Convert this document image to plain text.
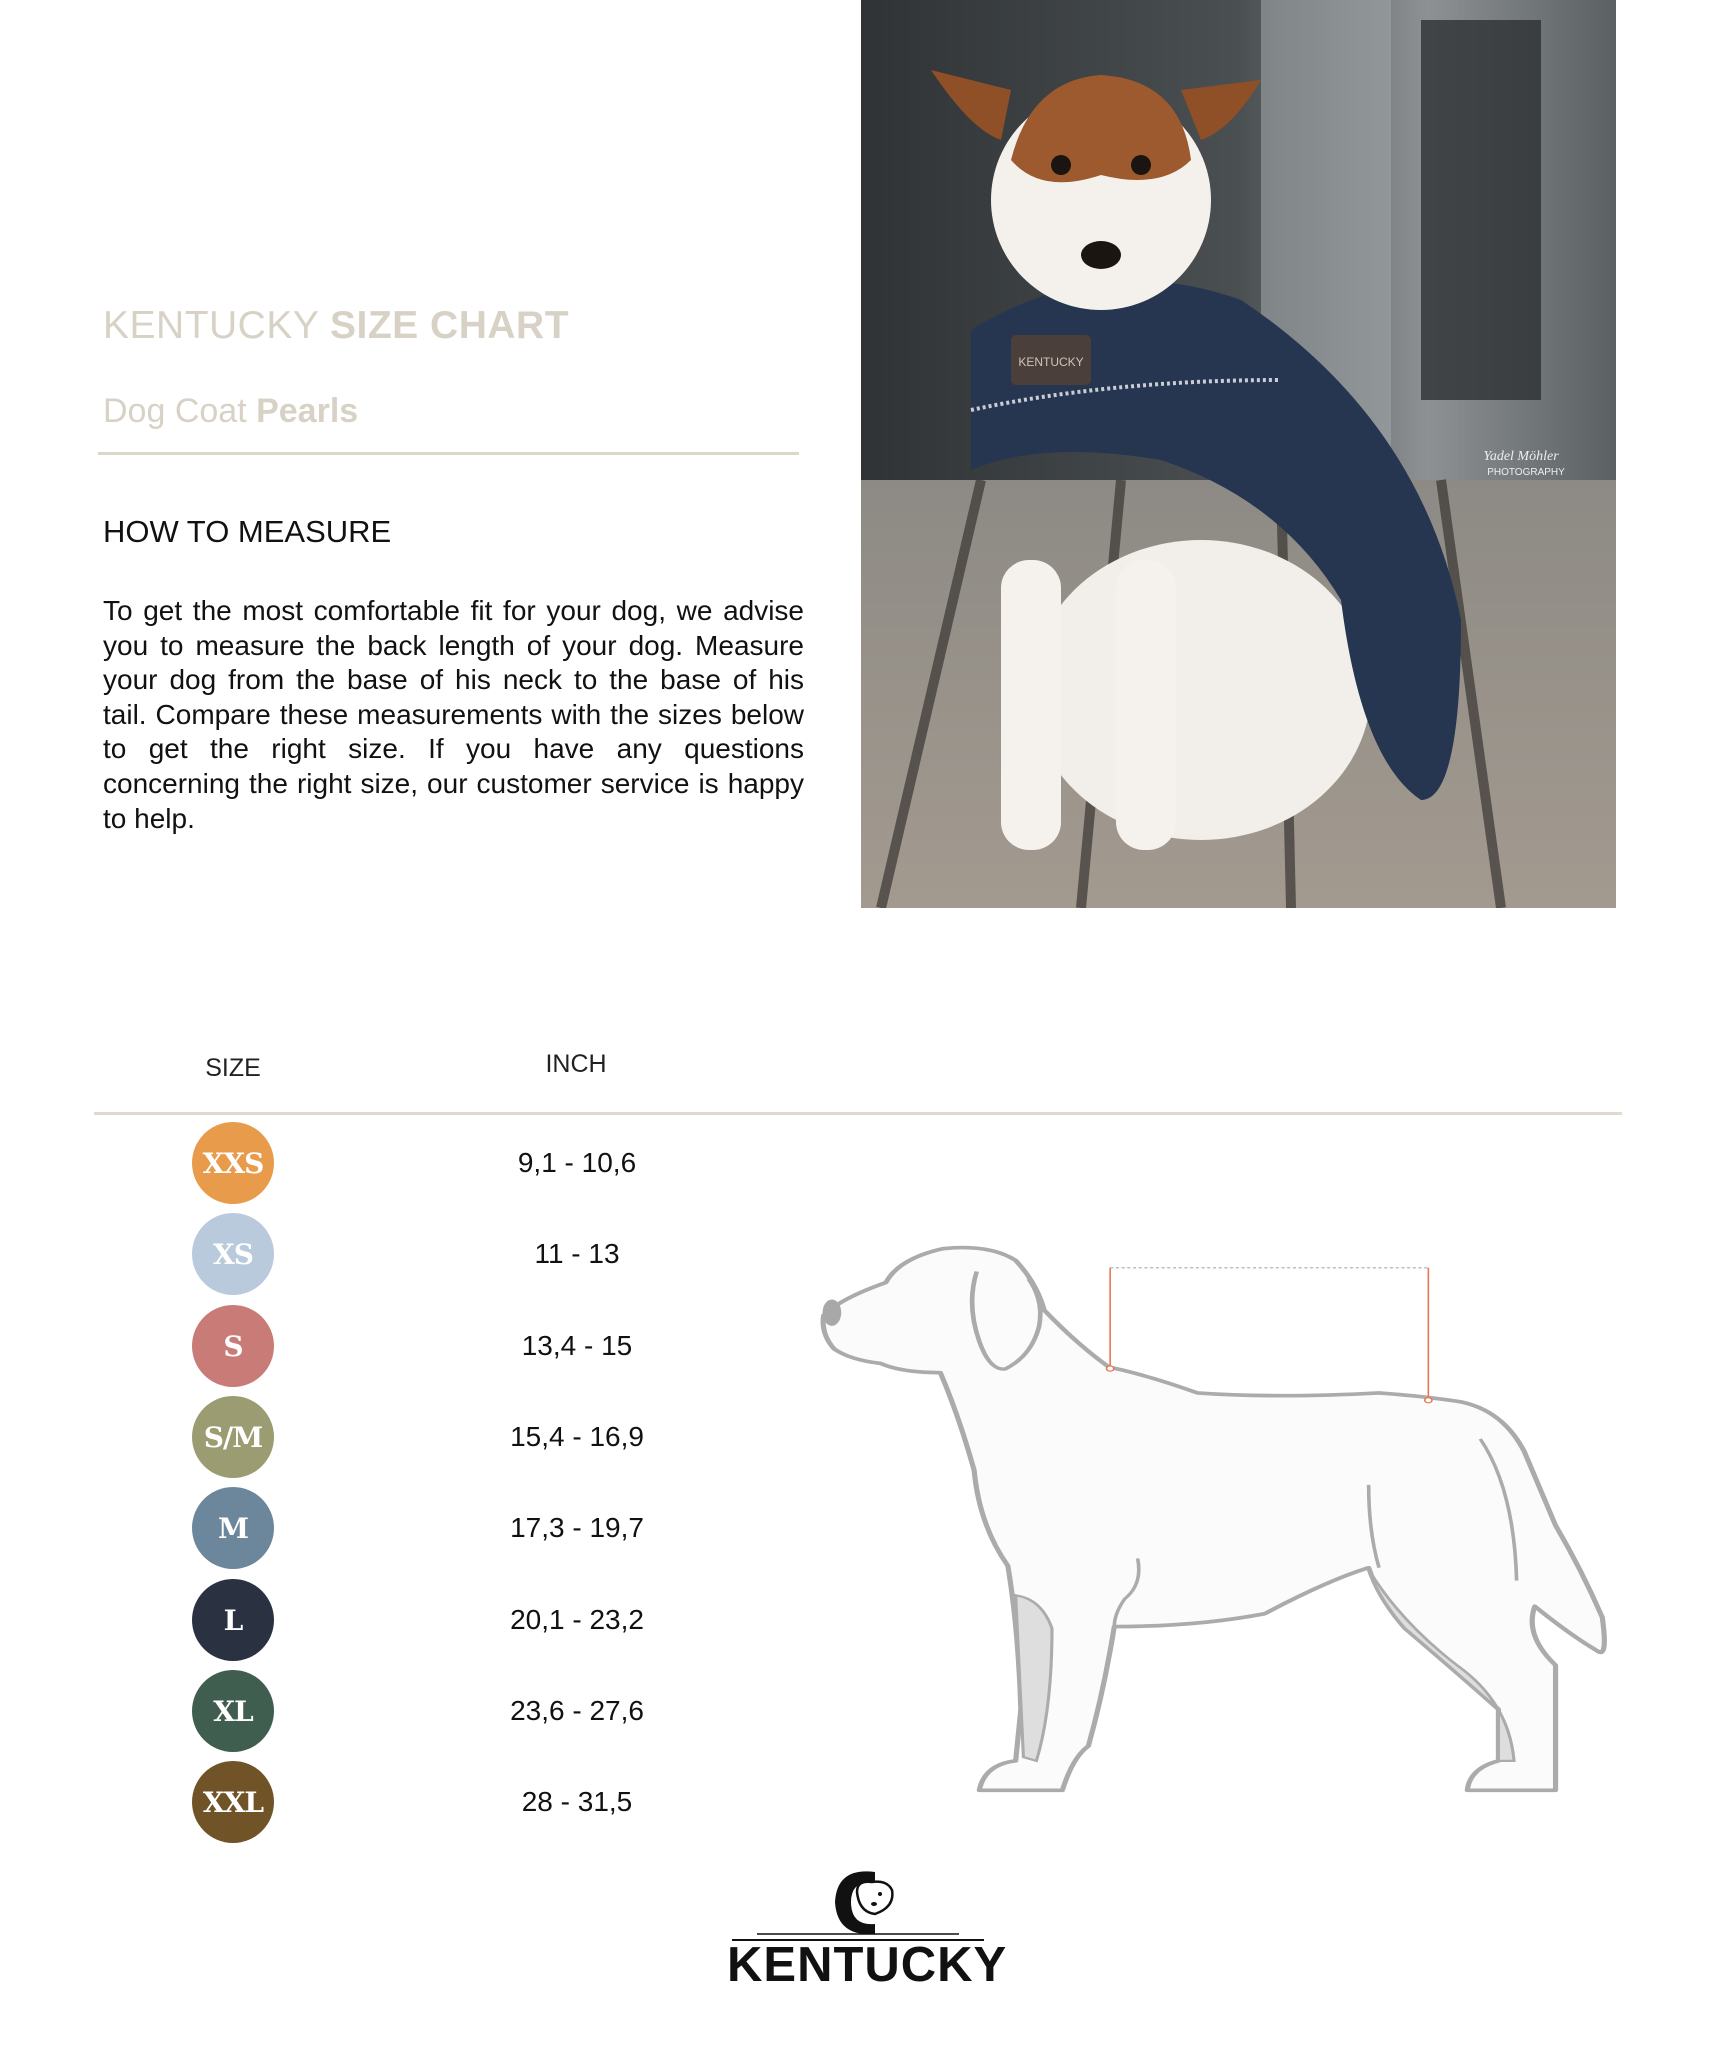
KENTUCKY SIZE CHART
Dog Coat Pearls
HOW TO MEASURE
To get the most comfortable fit for your dog, we advise you to measure the back length of your dog. Measure your dog from the base of his neck to the base of his tail. Compare these measurements with the sizes below to get the right size. If you have any questions concerning the right size, our customer service is happy to help.
KENTUCKY
Yadel Möhler
PHOTOGRAPHY
SIZE	INCH
XXS	9,1 - 10,6
XS	11 - 13
S	13,4 - 15
S/M	15,4 - 16,9
M	17,3 - 19,7
L	20,1 - 23,2
XL	23,6 - 27,6
XXL	28 - 31,5
KENTUCKY
